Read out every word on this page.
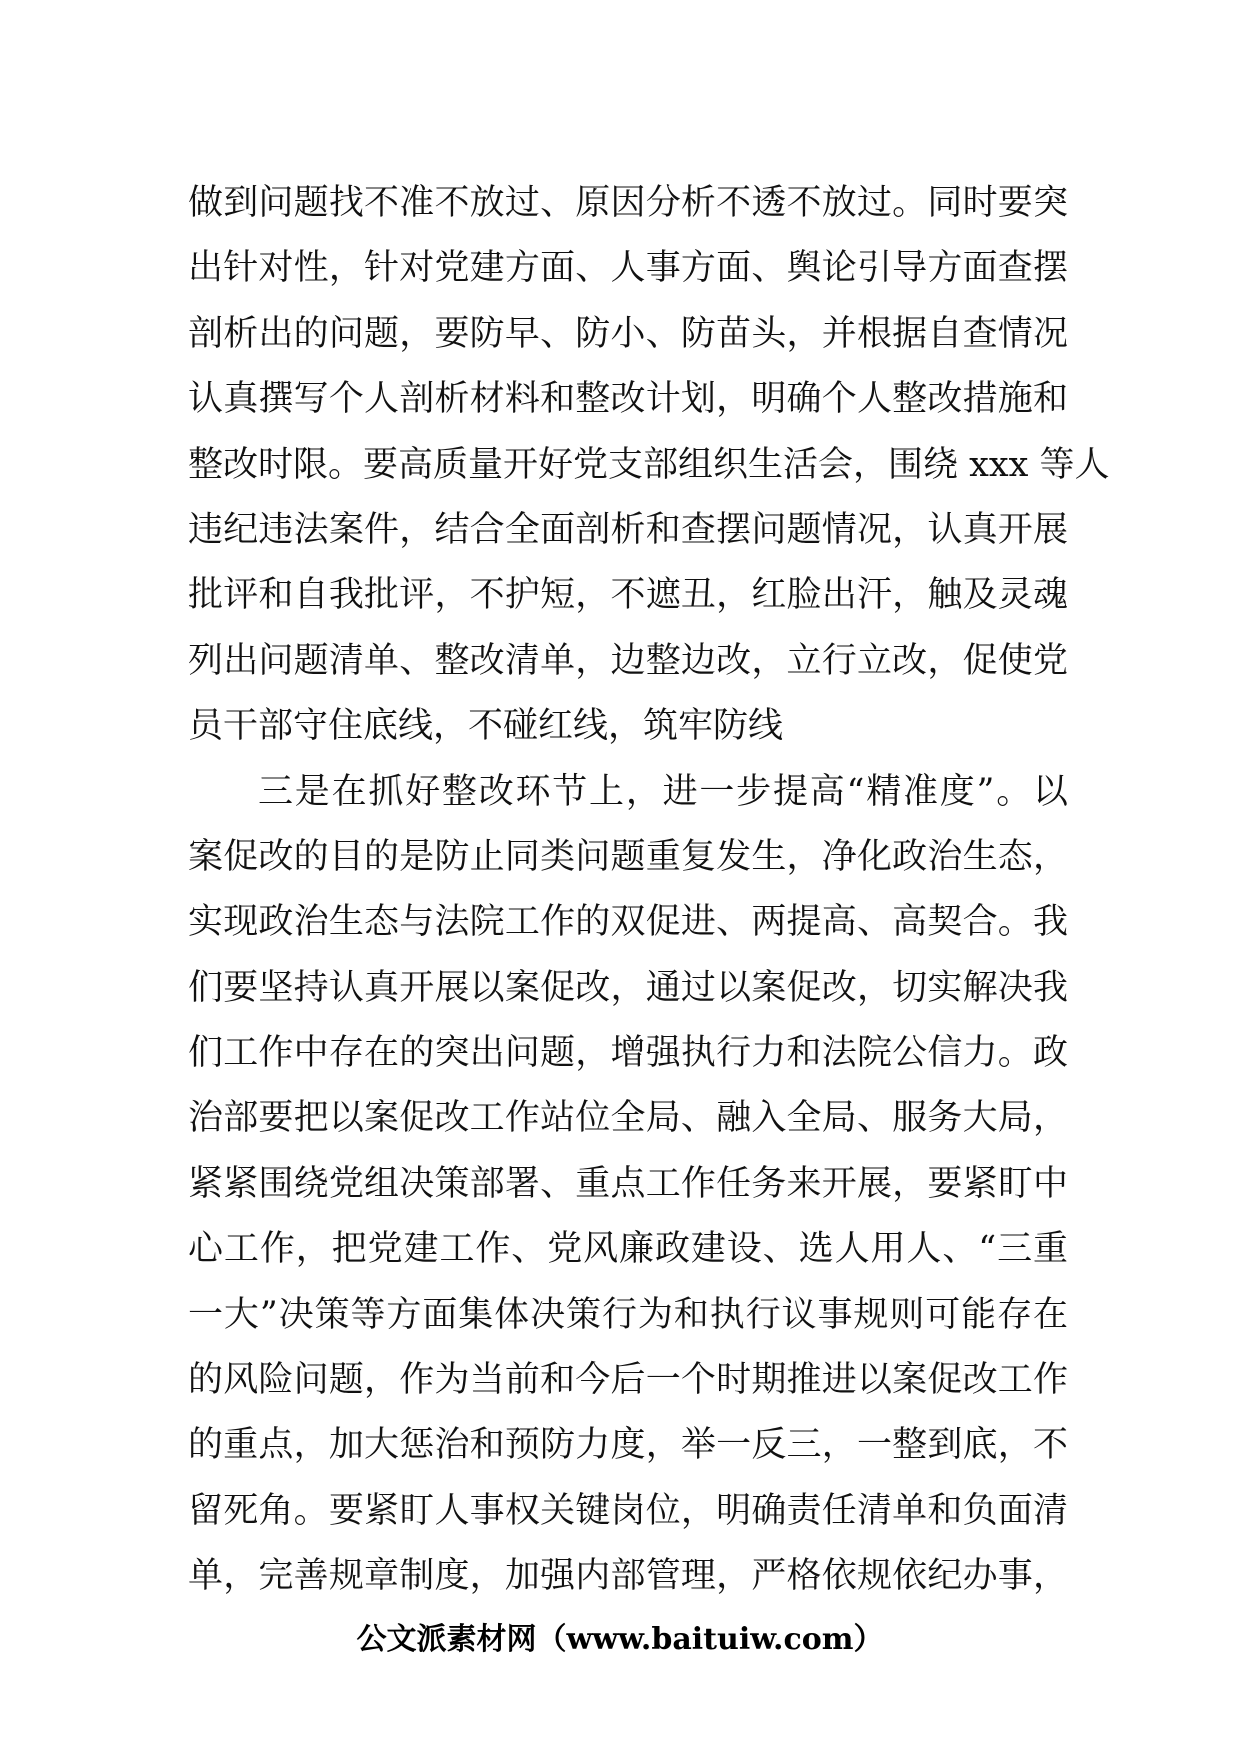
做到问题找不准不放过、原因分析不透不放过。同时要突
出针对性，针对党建方面、人事方面、舆论引导方面查摆
剖析出的问题，要防早、防小、防苗头，并根据自查情况
认真撰写个人剖析材料和整改计划，明确个人整改措施和
整改时限。要高质量开好党支部组织生活会，围绕 xxx 等人
违纪违法案件，结合全面剖析和查摆问题情况，认真开展
批评和自我批评，不护短，不遮丑，红脸出汗，触及灵魂
列出问题清单、整改清单，边整边改，立行立改，促使党
员干部守住底线，不碰红线，筑牢防线
三是在抓好整改环节上，进一步提高“精准度”。以
案促改的目的是防止同类问题重复发生，净化政治生态，
实现政治生态与法院工作的双促进、两提高、高契合。我
们要坚持认真开展以案促改，通过以案促改，切实解决我
们工作中存在的突出问题，增强执行力和法院公信力。政
治部要把以案促改工作站位全局、融入全局、服务大局，
紧紧围绕党组决策部署、重点工作任务来开展，要紧盯中
心工作，把党建工作、党风廉政建设、选人用人、“三重
一大”决策等方面集体决策行为和执行议事规则可能存在
的风险问题，作为当前和今后一个时期推进以案促改工作
的重点，加大惩治和预防力度，举一反三，一整到底，不
留死角。要紧盯人事权关键岗位，明确责任清单和负面清
单，完善规章制度，加强内部管理，严格依规依纪办事，
公文派素材网（www.baituiw.com）
